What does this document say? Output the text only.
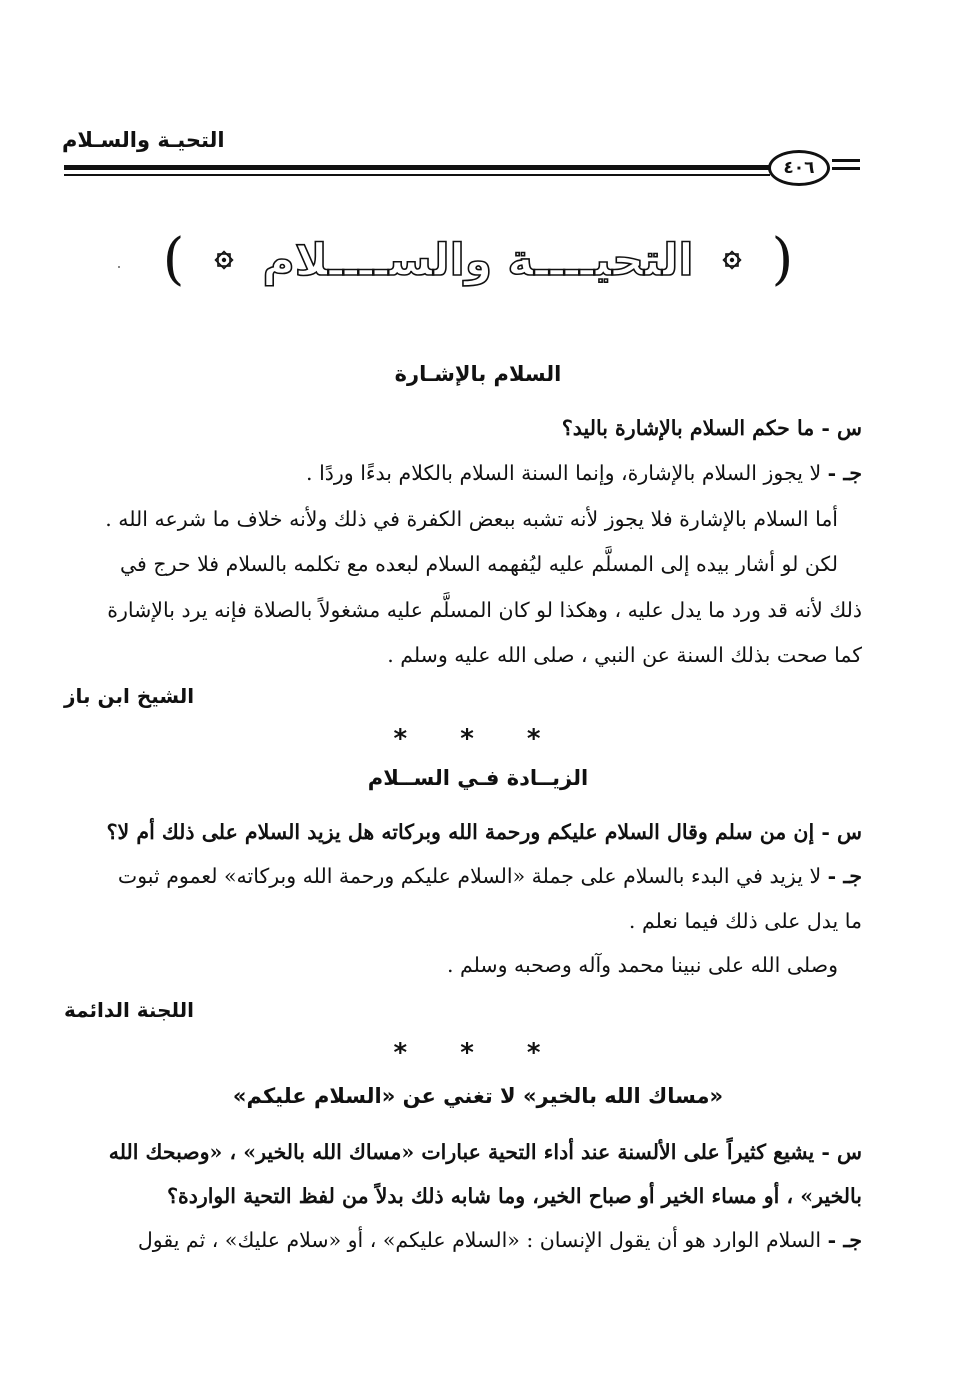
التحيـة والسـلام
٤٠٦
(
التحيــــة والســــلام
)
السلام بالإشـارة
س - ما حكم السلام بالإشارة باليد؟
جـ - لا يجوز السلام بالإشارة، وإنما السنة السلام بالكلام بدءًا وردًا .
أما السلام بالإشارة فلا يجوز لأنه تشبه ببعض الكفرة في ذلك ولأنه خلاف ما شرعه الله .
لكن لو أشار بيده إلى المسلَّم عليه ليُفهمه السلام لبعده مع تكلمه بالسلام فلا حرج في
ذلك لأنه قد ورد ما يدل عليه ، وهكذا لو كان المسلَّم عليه مشغولاً بالصلاة فإنه يرد بالإشارة
كما صحت بذلك السنة عن النبي ، صلى الله عليه وسلم .
الشيخ ابن باز
* * *
الزيــادة فـي الســلام
س - إن من سلم وقال السلام عليكم ورحمة الله وبركاته هل يزيد السلام على ذلك أم لا؟
جـ - لا يزيد في البدء بالسلام على جملة «السلام عليكم ورحمة الله وبركاته» لعموم ثبوت
ما يدل على ذلك فيما نعلم .
وصلى الله على نبينا محمد وآله وصحبه وسلم .
اللجنة الدائمة
* * *
«مساك الله بالخير» لا تغني عن «السلام عليكم»
س - يشيع كثيراً على الألسنة عند أداء التحية عبارات «مساك الله بالخير» ، «وصبحك الله
بالخير» ، أو مساء الخير أو صباح الخير، وما شابه ذلك بدلاً من لفظ التحية الواردة؟
جـ - السلام الوارد هو أن يقول الإنسان : «السلام عليكم» ، أو «سلام عليك» ، ثم يقول
